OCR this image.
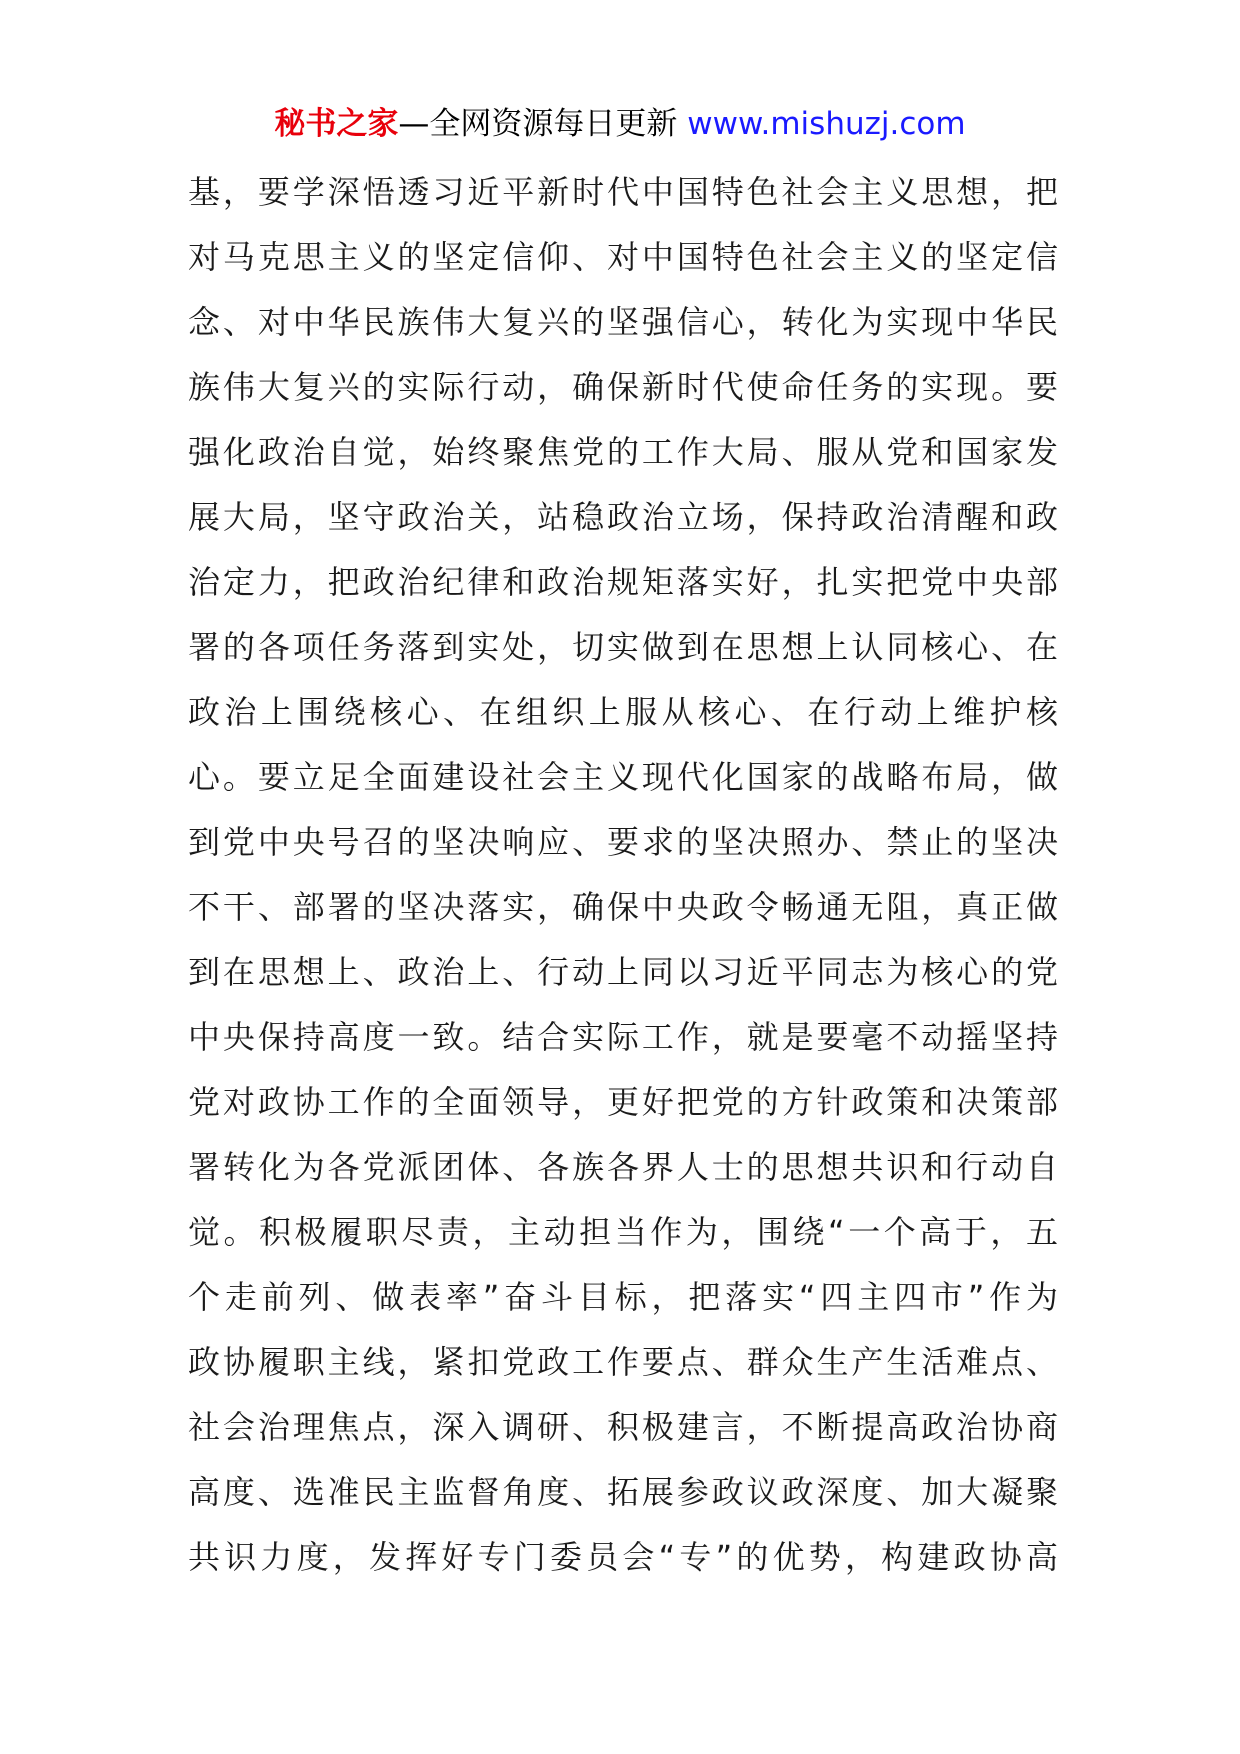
秘书之家—全网资源每日更新 www.mishuzj.com
基，要学深悟透习近平新时代中国特色社会主义思想，把
对马克思主义的坚定信仰、对中国特色社会主义的坚定信
念、对中华民族伟大复兴的坚强信心，转化为实现中华民
族伟大复兴的实际行动，确保新时代使命任务的实现。要
强化政治自觉，始终聚焦党的工作大局、服从党和国家发
展大局，坚守政治关，站稳政治立场，保持政治清醒和政
治定力，把政治纪律和政治规矩落实好，扎实把党中央部
署的各项任务落到实处，切实做到在思想上认同核心、在
政治上围绕核心、在组织上服从核心、在行动上维护核
心。要立足全面建设社会主义现代化国家的战略布局，做
到党中央号召的坚决响应、要求的坚决照办、禁止的坚决
不干、部署的坚决落实，确保中央政令畅通无阻，真正做
到在思想上、政治上、行动上同以习近平同志为核心的党
中央保持高度一致。结合实际工作，就是要毫不动摇坚持
党对政协工作的全面领导，更好把党的方针政策和决策部
署转化为各党派团体、各族各界人士的思想共识和行动自
觉。积极履职尽责，主动担当作为，围绕“一个高于，五
个走前列、做表率”奋斗目标，把落实“四主四市”作为
政协履职主线，紧扣党政工作要点、群众生产生活难点、
社会治理焦点，深入调研、积极建言，不断提高政治协商
高度、选准民主监督角度、拓展参政议政深度、加大凝聚
共识力度，发挥好专门委员会“专”的优势，构建政协高
